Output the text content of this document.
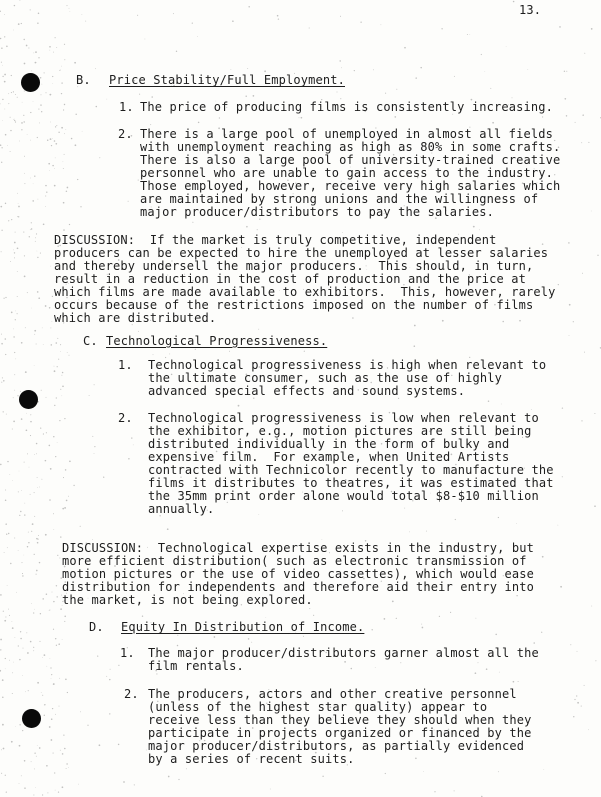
13.
B. Price Stability/Full Employment.
1. The price of producing films is consistently increasing.
2. There is a large pool of unemployed in almost all fields
with unemployment reaching as high as 80% in some crafts.
There is also a large pool of university-trained creative
personnel who are unable to gain access to the industry.
Those employed, however, receive very high salaries which
are maintained by strong unions and the willingness of
major producer/distributors to pay the salaries.
DISCUSSION:  If the market is truly competitive, independent
producers can be expected to hire the unemployed at lesser salaries
and thereby undersell the major producers.  This should, in turn,
result in a reduction in the cost of production and the price at
which films are made available to exhibitors.  This, however, rarely
occurs because of the restrictions imposed on the number of films
which are distributed.
C. Technological Progressiveness.
1. Technological progressiveness is high when relevant to
the ultimate consumer, such as the use of highly
advanced special effects and sound systems.
2. Technological progressiveness is low when relevant to
the exhibitor, e.g., motion pictures are still being
distributed individually in the form of bulky and
expensive film.  For example, when United Artists
contracted with Technicolor recently to manufacture the
films it distributes to theatres, it was estimated that
the 35mm print order alone would total $8-$10 million
annually.
DISCUSSION:  Technological expertise exists in the industry, but
more efficient distribution( such as electronic transmission of
motion pictures or the use of video cassettes), which would ease
distribution for independents and therefore aid their entry into
the market, is not being explored.
D. Equity In Distribution of Income.
1. The major producer/distributors garner almost all the
film rentals.
2. The producers, actors and other creative personnel
(unless of the highest star quality) appear to
receive less than they believe they should when they
participate in projects organized or financed by the
major producer/distributors, as partially evidenced
by a series of recent suits.
